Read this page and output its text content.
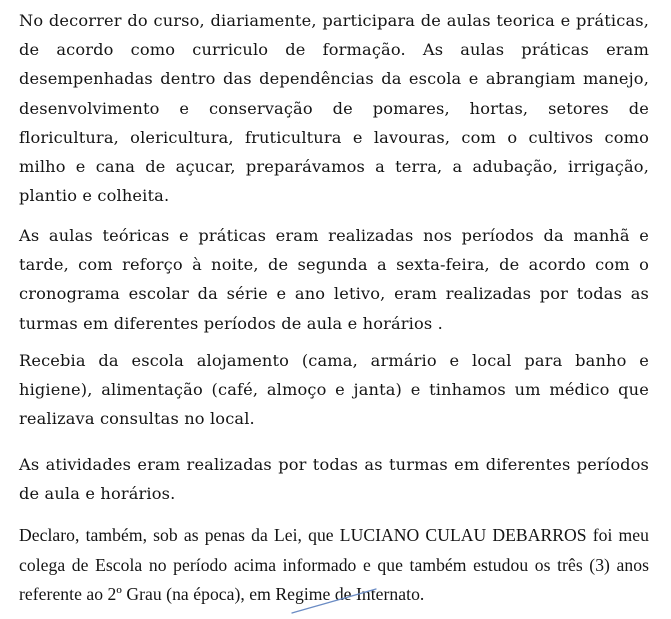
No decorrer do curso, diariamente, participara de aulas teorica e práticas, de acordo como curriculo de formação. As aulas práticas eram desempenhadas dentro das dependências da escola e abrangiam manejo, desenvolvimento e conservação de pomares, hortas, setores de floricultura, olericultura, fruticultura e lavouras, com o cultivos como milho e cana de açucar, preparávamos a terra, a adubação, irrigação, plantio e colheita.

As aulas teóricas e práticas eram realizadas nos períodos da manhã e tarde, com reforço à noite, de segunda a sexta-feira, de acordo com o cronograma escolar da série e ano letivo, eram realizadas por todas as turmas em diferentes períodos de aula e horários .

Recebia da escola alojamento (cama, armário e local para banho e higiene), alimentação (café, almoço e janta) e tinhamos um médico que realizava consultas no local.

As atividades eram realizadas por todas as turmas em diferentes períodos de aula e horários.

Declaro, também, sob as penas da Lei, que LUCIANO CULAU DEBARROS foi meu colega de Escola no período acima informado e que também estudou os três (3) anos referente ao 2º Grau (na época), em Regime de Internato.
